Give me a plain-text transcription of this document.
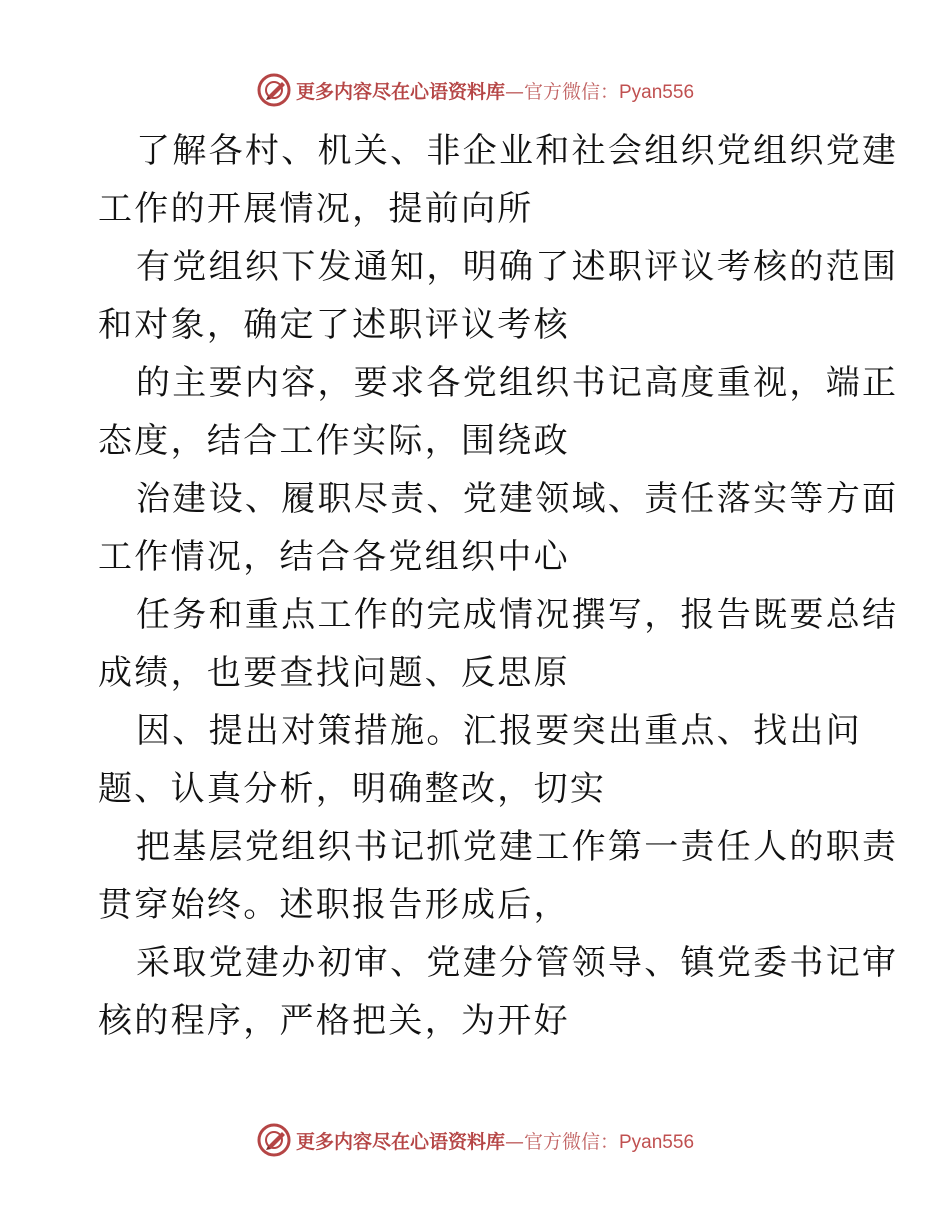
更多内容尽在心语资料库—官方微信：Pyan556

了解各村、机关、非企业和社会组织党组织党建
工作的开展情况，提前向所

有党组织下发通知，明确了述职评议考核的范围
和对象，确定了述职评议考核

的主要内容，要求各党组织书记高度重视，端正
态度，结合工作实际，围绕政

治建设、履职尽责、党建领域、责任落实等方面
工作情况，结合各党组织中心

任务和重点工作的完成情况撰写，报告既要总结
成绩，也要查找问题、反思原

因、提出对策措施。汇报要突出重点、找出问
题、认真分析，明确整改，切实

把基层党组织书记抓党建工作第一责任人的职责
贯穿始终。述职报告形成后，

采取党建办初审、党建分管领导、镇党委书记审
核的程序，严格把关，为开好

更多内容尽在心语资料库—官方微信：Pyan556
